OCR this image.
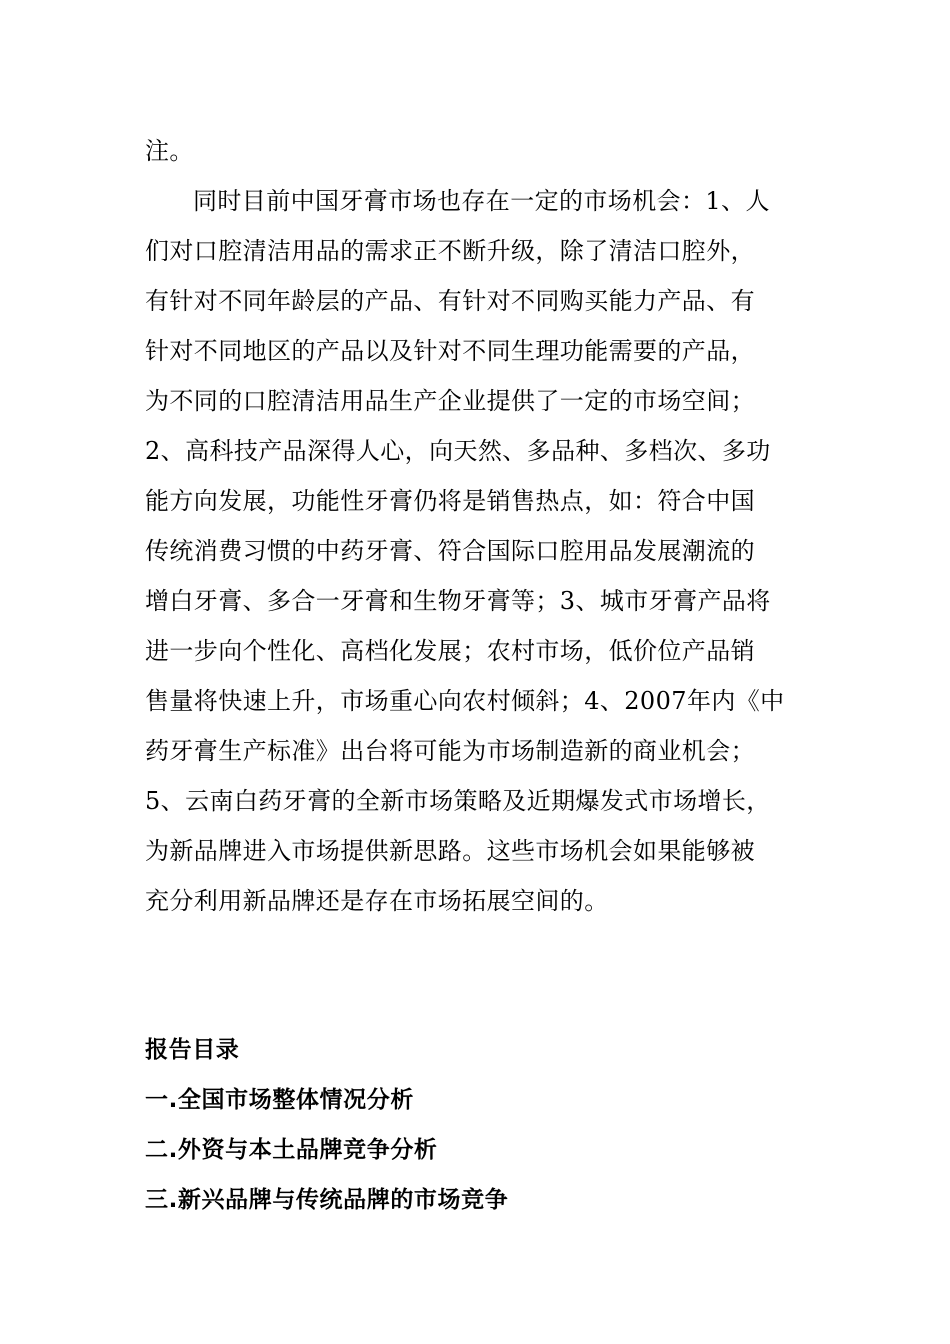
注。
同时目前中国牙膏市场也存在一定的市场机会：1、人
们对口腔清洁用品的需求正不断升级，除了清洁口腔外，
有针对不同年龄层的产品、有针对不同购买能力产品、有
针对不同地区的产品以及针对不同生理功能需要的产品，
为不同的口腔清洁用品生产企业提供了一定的市场空间；
2、高科技产品深得人心，向天然、多品种、多档次、多功
能方向发展，功能性牙膏仍将是销售热点，如：符合中国
传统消费习惯的中药牙膏、符合国际口腔用品发展潮流的
增白牙膏、多合一牙膏和生物牙膏等；3、城市牙膏产品将
进一步向个性化、高档化发展；农村市场，低价位产品销
售量将快速上升，市场重心向农村倾斜；4、2007年内《中
药牙膏生产标准》出台将可能为市场制造新的商业机会；
5、云南白药牙膏的全新市场策略及近期爆发式市场增长，
为新品牌进入市场提供新思路。这些市场机会如果能够被
充分利用新品牌还是存在市场拓展空间的。
报告目录
一.全国市场整体情况分析
二.外资与本土品牌竞争分析
三.新兴品牌与传统品牌的市场竞争
